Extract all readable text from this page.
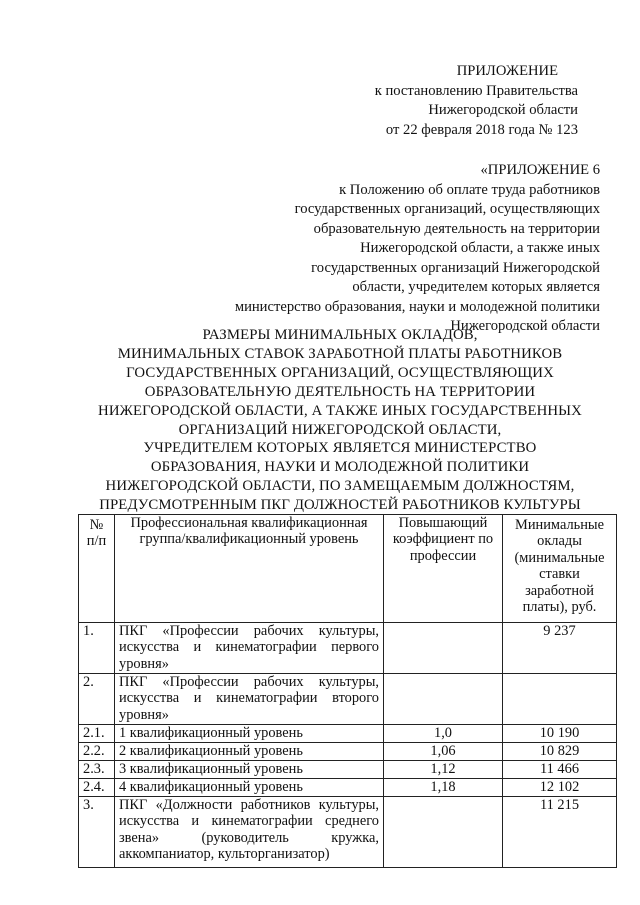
ПРИЛОЖЕНИЕ
к постановлению Правительства
Нижегородской области
от 22 февраля 2018 года № 123
«ПРИЛОЖЕНИЕ 6
к Положению об оплате труда работников
государственных организаций, осуществляющих
образовательную деятельность на территории
Нижегородской области, а также иных
государственных организаций Нижегородской
области, учредителем которых является
министерство образования, науки и молодежной политики
Нижегородской области
РАЗМЕРЫ МИНИМАЛЬНЫХ ОКЛАДОВ,
МИНИМАЛЬНЫХ СТАВОК ЗАРАБОТНОЙ ПЛАТЫ РАБОТНИКОВ
ГОСУДАРСТВЕННЫХ ОРГАНИЗАЦИЙ, ОСУЩЕСТВЛЯЮЩИХ
ОБРАЗОВАТЕЛЬНУЮ ДЕЯТЕЛЬНОСТЬ НА ТЕРРИТОРИИ
НИЖЕГОРОДСКОЙ ОБЛАСТИ, А ТАКЖЕ ИНЫХ ГОСУДАРСТВЕННЫХ
ОРГАНИЗАЦИЙ НИЖЕГОРОДСКОЙ ОБЛАСТИ,
УЧРЕДИТЕЛЕМ КОТОРЫХ ЯВЛЯЕТСЯ МИНИСТЕРСТВО
ОБРАЗОВАНИЯ, НАУКИ И МОЛОДЕЖНОЙ ПОЛИТИКИ
НИЖЕГОРОДСКОЙ ОБЛАСТИ, ПО ЗАМЕЩАЕМЫМ ДОЛЖНОСТЯМ,
ПРЕДУСМОТРЕННЫМ ПКГ ДОЛЖНОСТЕЙ РАБОТНИКОВ КУЛЬТУРЫ
№ п/п	Профессиональная квалификационная группа/квалификационный уровень	Повышающий коэффициент по профессии	Минимальные оклады (минимальные ставки заработной платы), руб.
1.	ПКГ «Профессии рабочих культуры, искусства и кинематографии первого уровня»		9 237
2.	ПКГ «Профессии рабочих культуры, искусства и кинематографии второго уровня»		
2.1.	1 квалификационный уровень	1,0	10 190
2.2.	2 квалификационный уровень	1,06	10 829
2.3.	3 квалификационный уровень	1,12	11 466
2.4.	4 квалификационный уровень	1,18	12 102
3.	ПКГ «Должности работников культуры, искусства и кинематографии среднего звена» (руководитель кружка, аккомпаниатор, культорганизатор)		11 215
